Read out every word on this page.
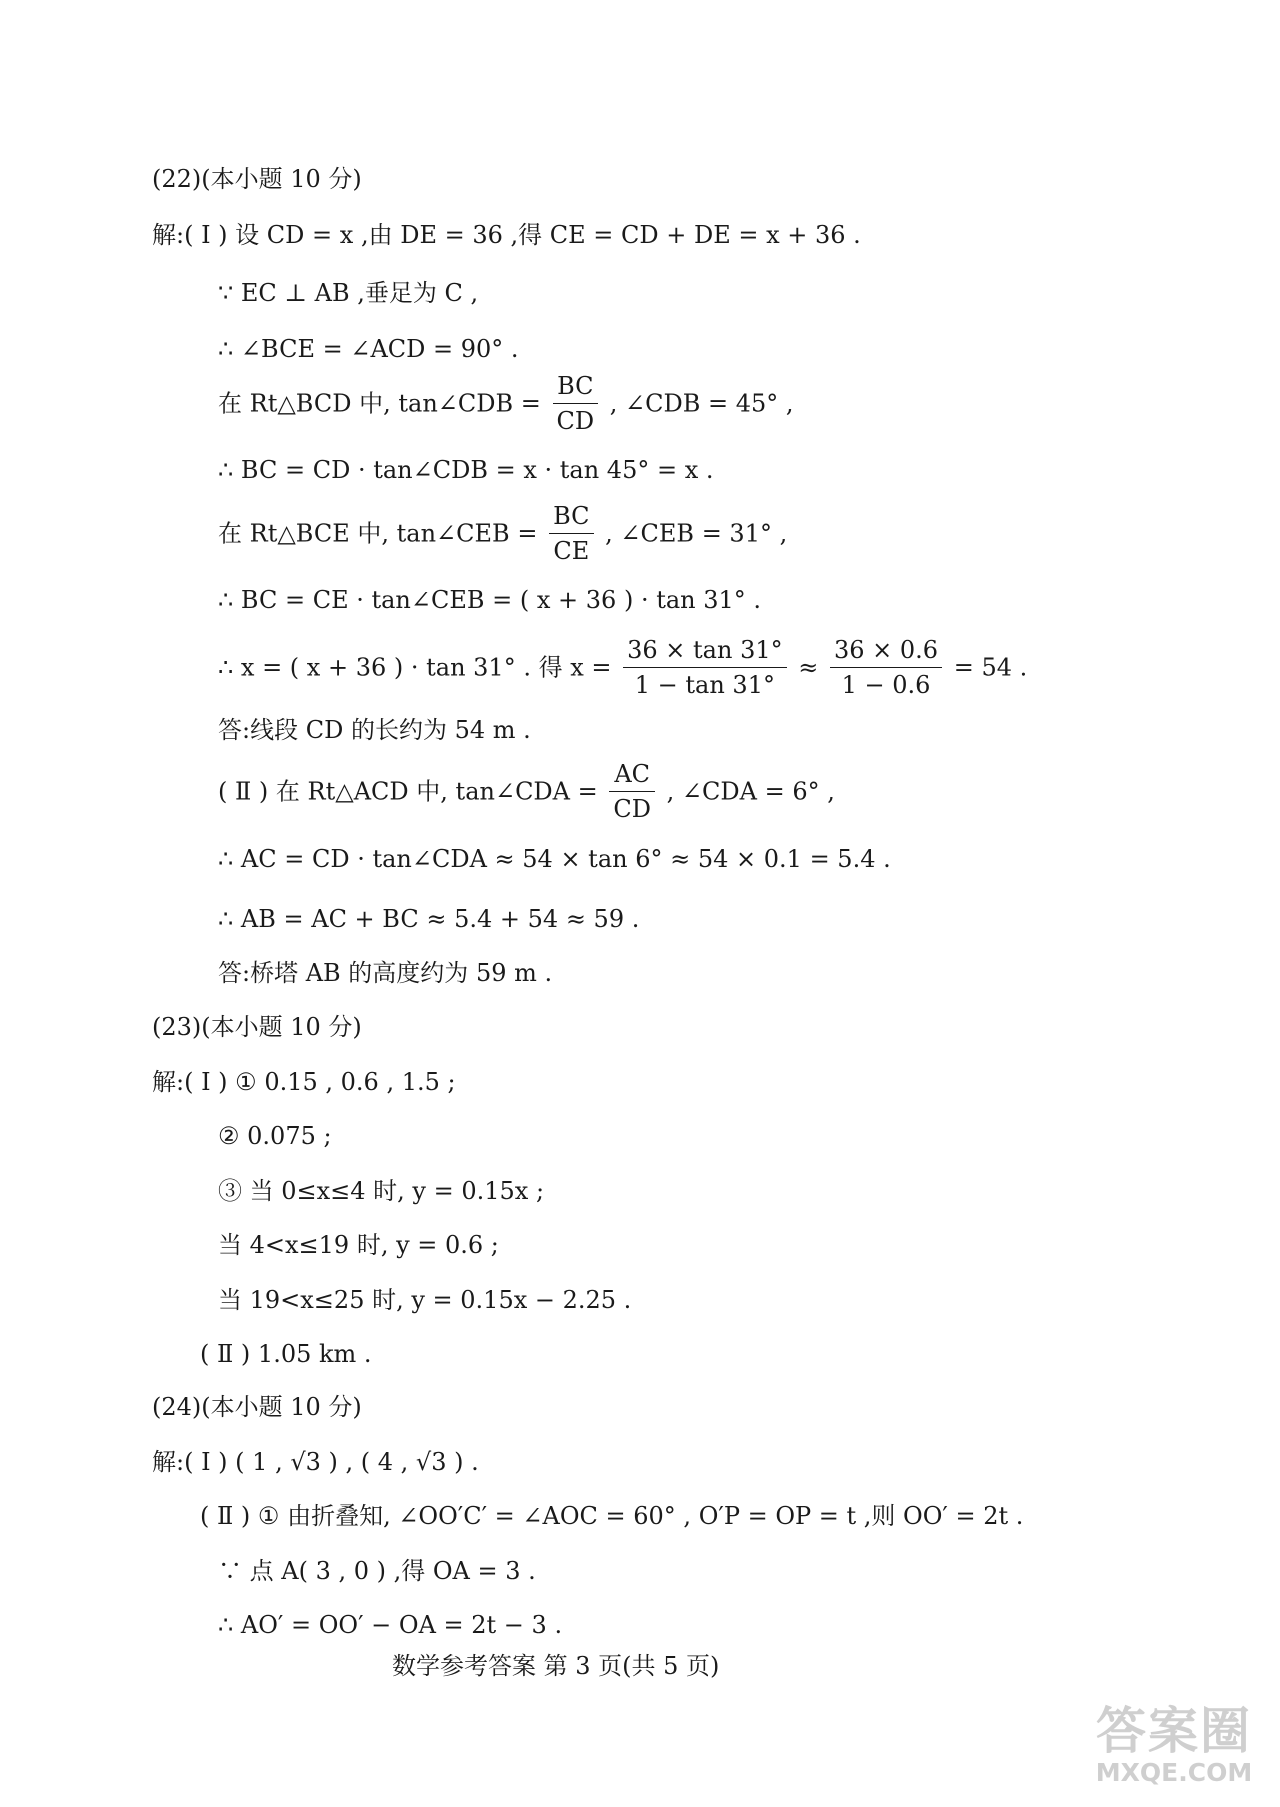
(22)(本小题 10 分)
解:( Ⅰ ) 设 CD = x ,由 DE = 36 ,得 CE = CD + DE = x + 36 .
∵ EC ⊥ AB ,垂足为 C ,
∴ ∠BCE = ∠ACD = 90° .
在 Rt△BCD 中, tan∠CDB = $\frac{BC}{CD}$ , ∠CDB = 45° ,
∴ BC = CD · tan∠CDB = x · tan 45° = x .
在 Rt△BCE 中, tan∠CEB = $\frac{BC}{CE}$ , ∠CEB = 31° ,
∴ BC = CE · tan∠CEB = ( x + 36 ) · tan 31° .
∴ x = ( x + 36 ) · tan 31° . 得 $x = \frac{36 \times \tan 31^\circ}{1 - \tan 31^\circ} \approx \frac{36 \times 0.6}{1 - 0.6} = 54$ .
答:线段 CD 的长约为 54 m .
( Ⅱ ) 在 Rt△ACD 中, tan∠CDA = $\frac{AC}{CD}$ , ∠CDA = 6° ,
∴ AC = CD · tan∠CDA ≈ 54 × tan 6° ≈ 54 × 0.1 = 5.4 .
∴ AB = AC + BC ≈ 5.4 + 54 ≈ 59 .
答:桥塔 AB 的高度约为 59 m .
(23)(本小题 10 分)
解:( Ⅰ ) ① 0.15 , 0.6 , 1.5 ;
② 0.075 ;
③ 当 0≤x≤4 时, y = 0.15x ;
当 4<x≤19 时, y = 0.6 ;
当 19<x≤25 时, y = 0.15x − 2.25 .
( Ⅱ ) 1.05 km .
(24)(本小题 10 分)
解:( Ⅰ ) ( 1 , √3 ) , ( 4 , √3 ) .
( Ⅱ ) ① 由折叠知, ∠OO′C′ = ∠AOC = 60° , O′P = OP = t ,则 OO′ = 2t .
∵ 点 A( 3 , 0 ) ,得 OA = 3 .
∴ AO′ = OO′ − OA = 2t − 3 .
数学参考答案 第 3 页(共 5 页)
答案圈
MXQE.COM
